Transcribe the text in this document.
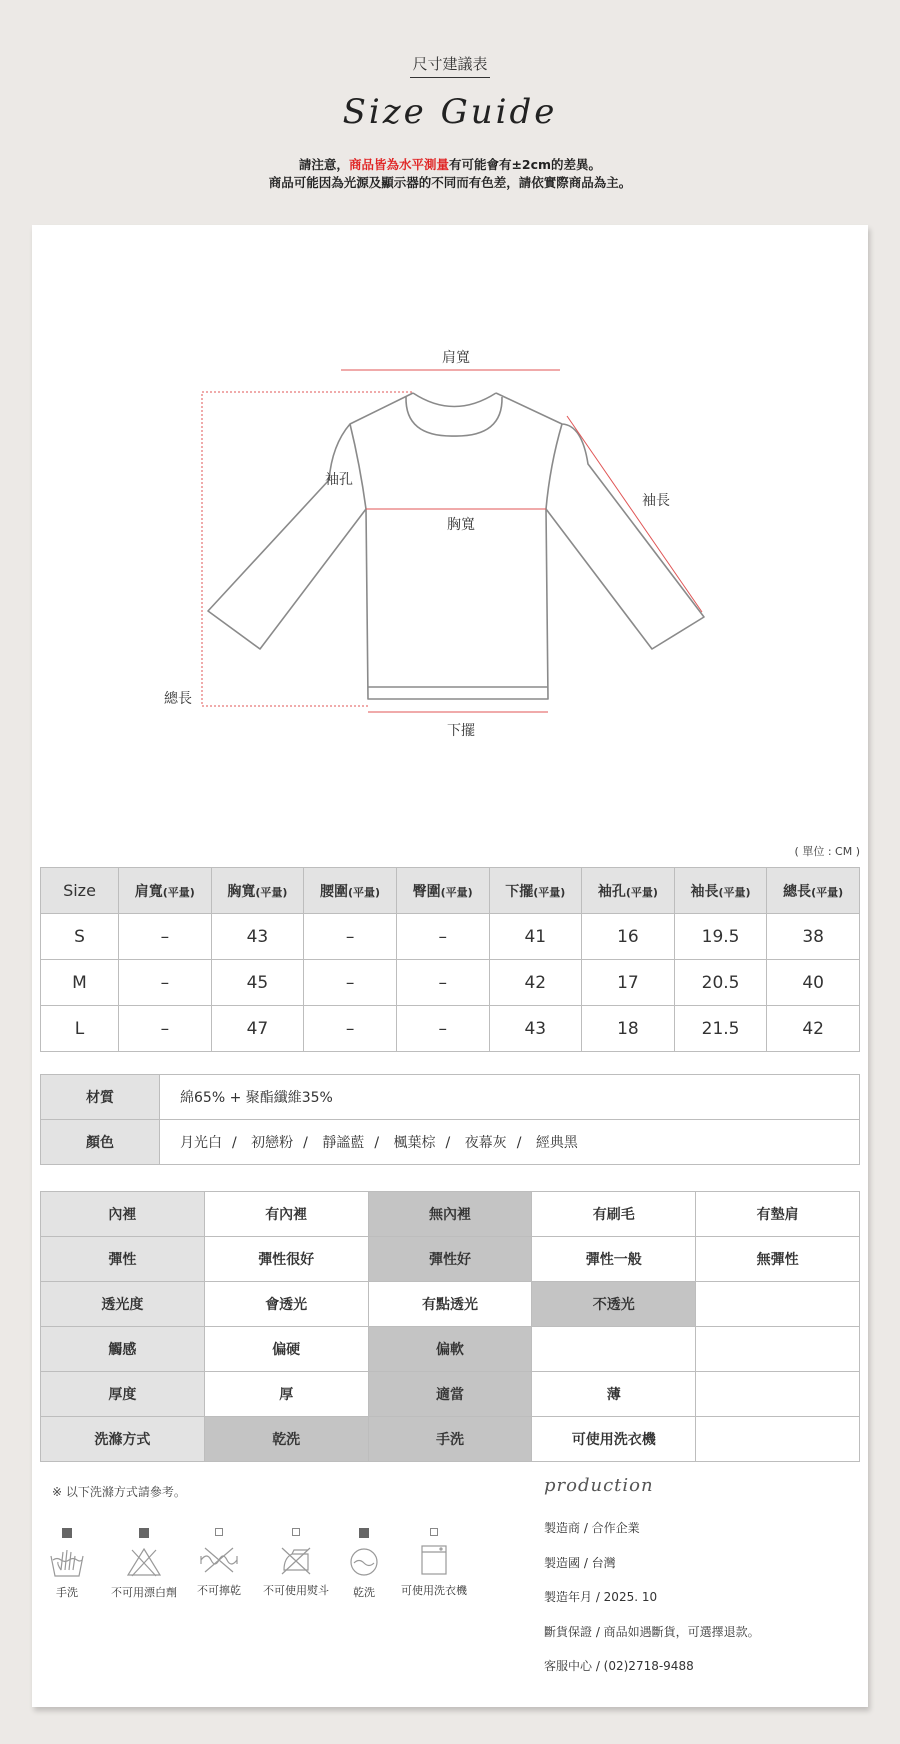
尺寸建議表
Size Guide
請注意，商品皆為水平測量有可能會有±2cm的差異。
商品可能因為光源及顯示器的不同而有色差，請依實際商品為主。
肩寬
袖孔
袖長
胸寬
總長
下擺
( 單位 : CM )
Size	肩寬(平量)	胸寬(平量)	腰圍(平量)	臀圍(平量)	下擺(平量)	袖孔(平量)	袖長(平量)	總長(平量)
S	–	43	–	–	41	16	19.5	38
M	–	45	–	–	42	17	20.5	40
L	–	47	–	–	43	18	21.5	42
材質	綿65% + 聚酯纖維35%
顏色	月光白 / 初戀粉 / 靜謐藍 / 楓葉棕 / 夜幕灰 / 經典黑
內裡	有內裡	無內裡	有刷毛	有墊肩
彈性	彈性很好	彈性好	彈性一般	無彈性
透光度	會透光	有點透光	不透光	
觸感	偏硬	偏軟		
厚度	厚	適當	薄	
洗滌方式	乾洗	手洗	可使用洗衣機	
※ 以下洗滌方式請參考。
手洗	不可用漂白劑	不可擰乾	不可使用熨斗	乾洗	可使用洗衣機
production
製造商 / 合作企業
製造國 / 台灣
製造年月 / 2025. 10
斷貨保證 / 商品如遇斷貨，可選擇退款。
客服中心 / (02)2718-9488
